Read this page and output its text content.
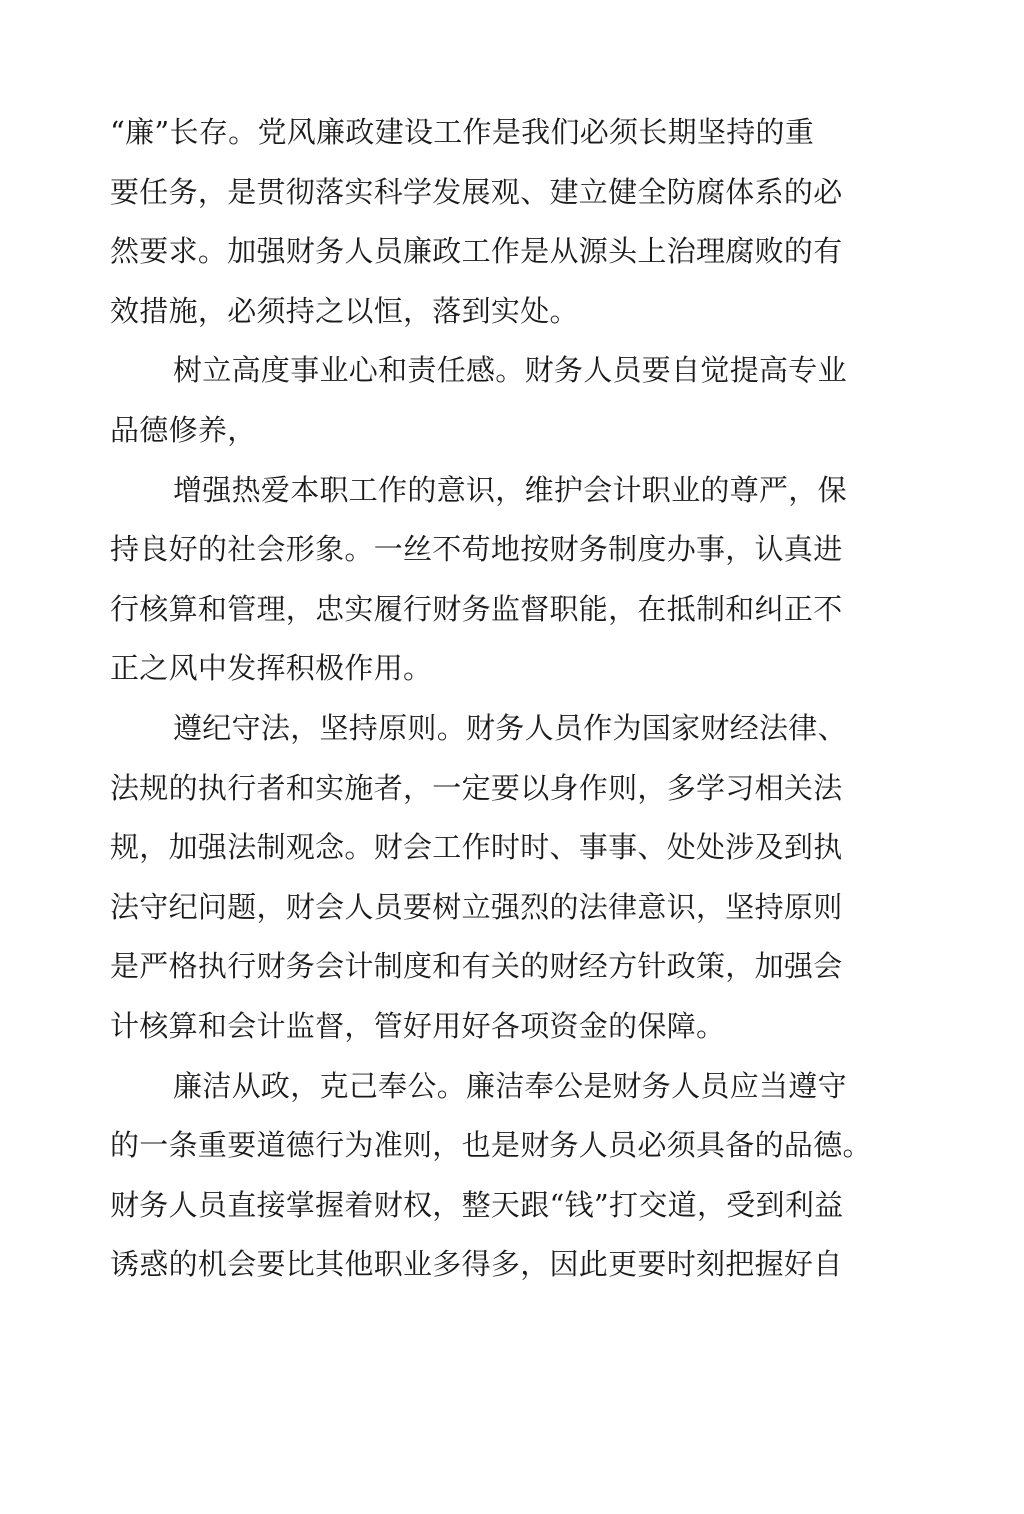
“廉”长存。党风廉政建设工作是我们必须长期坚持的重
要任务，是贯彻落实科学发展观、建立健全防腐体系的必
然要求。加强财务人员廉政工作是从源头上治理腐败的有
效措施，必须持之以恒，落到实处。
树立高度事业心和责任感。财务人员要自觉提高专业
品德修养，
增强热爱本职工作的意识，维护会计职业的尊严，保
持良好的社会形象。一丝不苟地按财务制度办事，认真进
行核算和管理，忠实履行财务监督职能，在抵制和纠正不
正之风中发挥积极作用。
遵纪守法，坚持原则。财务人员作为国家财经法律、
法规的执行者和实施者，一定要以身作则，多学习相关法
规，加强法制观念。财会工作时时、事事、处处涉及到执
法守纪问题，财会人员要树立强烈的法律意识，坚持原则
是严格执行财务会计制度和有关的财经方针政策，加强会
计核算和会计监督，管好用好各项资金的保障。
廉洁从政，克己奉公。廉洁奉公是财务人员应当遵守
的一条重要道德行为准则，也是财务人员必须具备的品德。
财务人员直接掌握着财权，整天跟“钱”打交道，受到利益
诱惑的机会要比其他职业多得多，因此更要时刻把握好自
